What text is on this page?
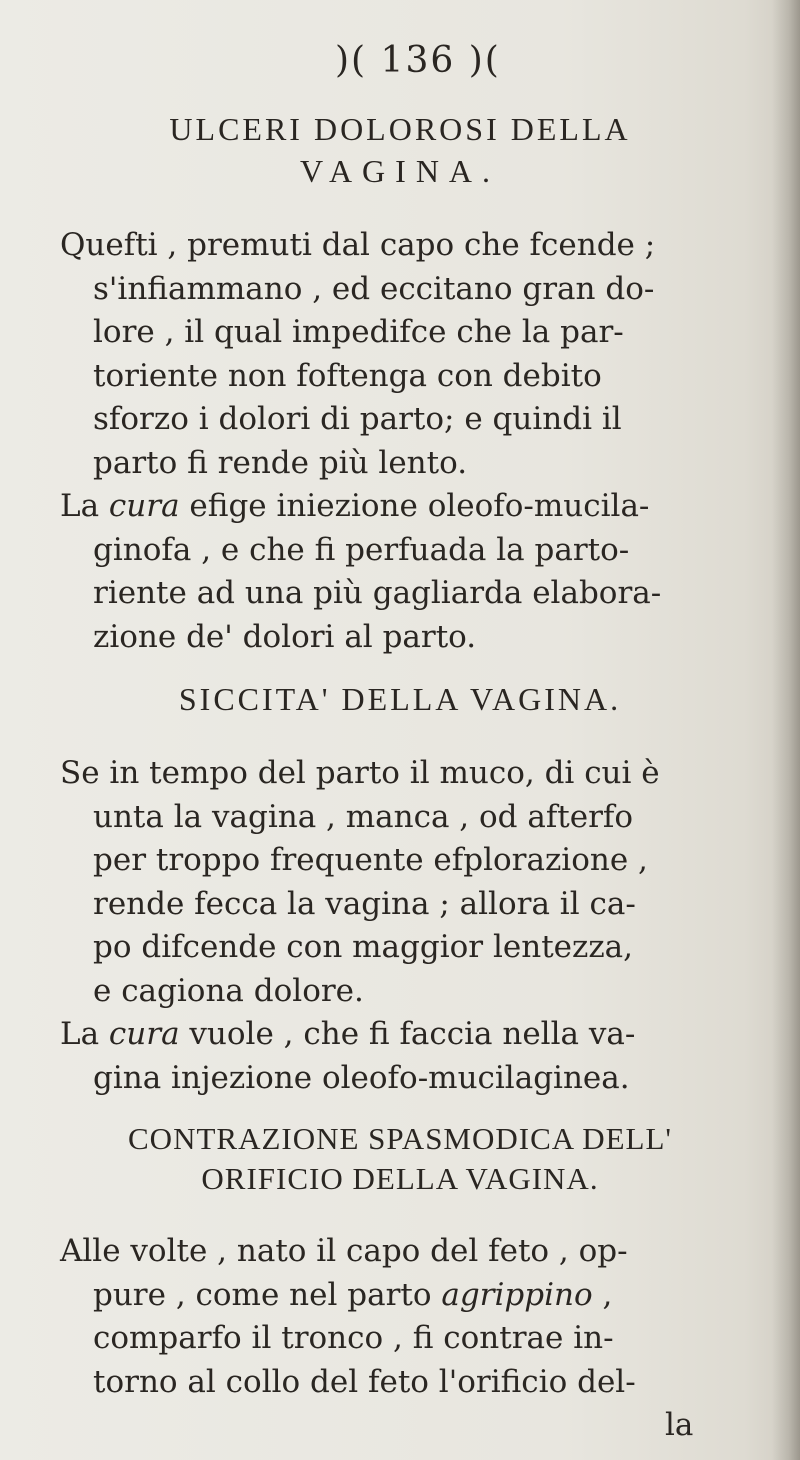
)( 136 )(
ULCERI DOLOROSI DELLA
VAGINA.
Quefti , premuti dal capo che fcende ;
s'infiammano , ed eccitano gran do-
lore , il qual impedifce che la par-
toriente non foftenga con debito
sforzo i dolori di parto; e quindi il
parto fi rende più lento.
La cura efige iniezione oleofo-mucila-
ginofa , e che fi perfuada la parto-
riente ad una più gagliarda elabora-
zione de' dolori al parto.
SICCITA' DELLA VAGINA.
Se in tempo del parto il muco, di cui è
unta la vagina , manca , od afterfo
per troppo frequente efplorazione ,
rende fecca la vagina ; allora il ca-
po difcende con maggior lentezza,
e cagiona dolore.
La cura vuole , che fi faccia nella va-
gina injezione oleofo-mucilaginea.
CONTRAZIONE SPASMODICA DELL'
ORIFICIO DELLA VAGINA.
Alle volte , nato il capo del feto , op-
pure , come nel parto agrippino ,
comparfo il tronco , fi contrae in-
torno al collo del feto l'orificio del-
la
